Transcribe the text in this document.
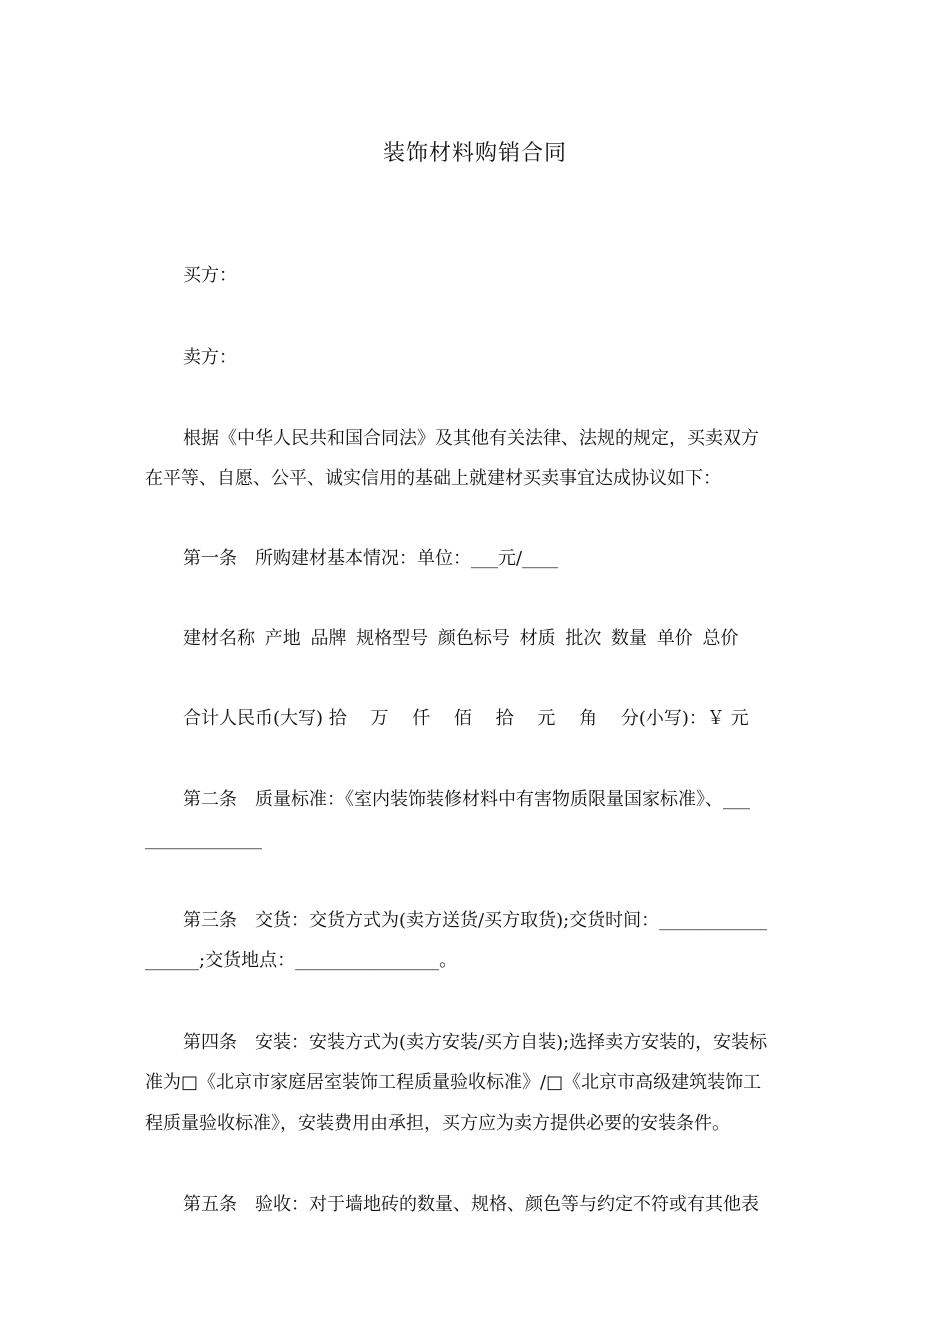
装饰材料购销合同
买方：
卖方：
根据《中华人民共和国合同法》及其他有关法律、法规的规定，买卖双方
在平等、自愿、公平、诚实信用的基础上就建材买卖事宜达成协议如下：
第一条　所购建材基本情况：单位：___元/____
建材名称 产地 品牌 规格型号 颜色标号 材质 批次 数量 单价 总价
合计人民币(大写) 拾　 万　 仟　 佰　 拾　 元　 角　 分(小写)：￥ 元
第二条　质量标准：《室内装饰装修材料中有害物质限量国家标准》、___
_____________
第三条　交货：交货方式为(卖方送货/买方取货);交货时间：____________
______;交货地点：________________。
第四条　安装：安装方式为(卖方安装/买方自装);选择卖方安装的，安装标
准为□《北京市家庭居室装饰工程质量验收标准》/□《北京市高级建筑装饰工
程质量验收标准》，安装费用由承担，买方应为卖方提供必要的安装条件。
第五条　验收：对于墙地砖的数量、规格、颜色等与约定不符或有其他表
